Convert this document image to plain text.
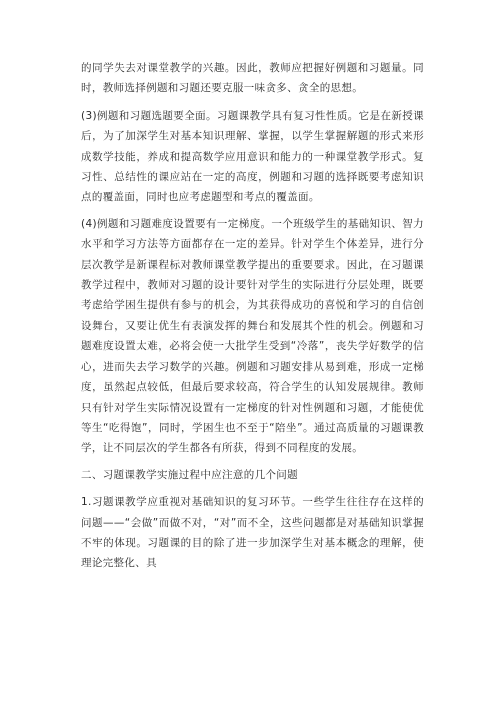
的同学失去对课堂教学的兴趣。因此，教师应把握好例题和习题量。同时，教师选择例题和习题还要克服一味贪多、贪全的思想。

(3)例题和习题选题要全面。习题课教学具有复习性性质。它是在新授课后，为了加深学生对基本知识理解、掌握，以学生掌握解题的形式来形成数学技能，养成和提高数学应用意识和能力的一种课堂教学形式。复习性、总结性的课应站在一定的高度，例题和习题的选择既要考虑知识点的覆盖面，同时也应考虑题型和考点的覆盖面。

(4)例题和习题难度设置要有一定梯度。一个班级学生的基础知识、智力水平和学习方法等方面都存在一定的差异。针对学生个体差异，进行分层次教学是新课程标对教师课堂教学提出的重要要求。因此，在习题课教学过程中，教师对习题的设计要针对学生的实际进行分层处理，既要考虑给学困生提供有参与的机会，为其获得成功的喜悦和学习的自信创设舞台，又要让优生有表演发挥的舞台和发展其个性的机会。例题和习题难度设置太难，必将会使一大批学生受到“冷落”，丧失学好数学的信心，进而失去学习数学的兴趣。例题和习题安排从易到难，形成一定梯度，虽然起点较低，但最后要求较高，符合学生的认知发展规律。教师只有针对学生实际情况设置有一定梯度的针对性例题和习题，才能使优等生“吃得饱”，同时，学困生也不至于“陪坐”。通过高质量的习题课教学，让不同层次的学生都各有所获，得到不同程度的发展。

二、习题课教学实施过程中应注意的几个问题

1.习题课教学应重视对基础知识的复习环节。一些学生往往存在这样的问题——“会做”而做不对，“对”而不全，这些问题都是对基础知识掌握不牢的体现。习题课的目的除了进一步加深学生对基本概念的理解，使理论完整化、具
